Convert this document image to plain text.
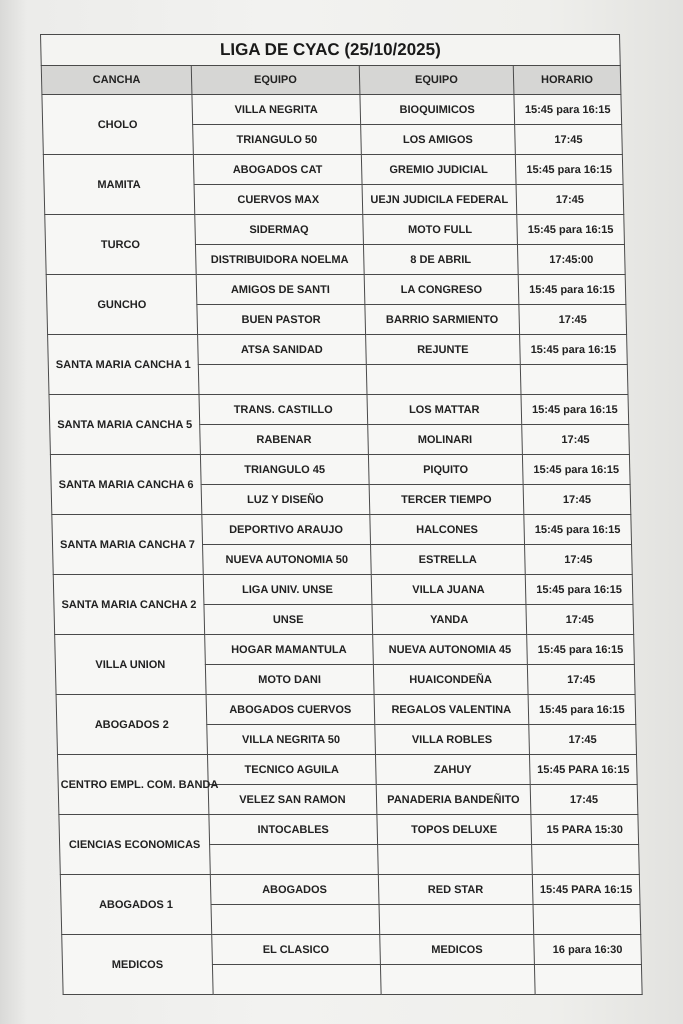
LIGA DE CYAC (25/10/2025)			
CANCHA	EQUIPO	EQUIPO	HORARIO
CHOLO	VILLA NEGRITA	BIOQUIMICOS	15:45 para 16:15
	TRIANGULO 50	LOS AMIGOS	17:45
MAMITA	ABOGADOS CAT	GREMIO JUDICIAL	15:45 para 16:15
	CUERVOS MAX	UEJN JUDICILA FEDERAL	17:45
TURCO	SIDERMAQ	MOTO FULL	15:45 para 16:15
	DISTRIBUIDORA NOELMA	8 DE ABRIL	17:45:00
GUNCHO	AMIGOS DE SANTI	LA CONGRESO	15:45 para 16:15
	BUEN PASTOR	BARRIO SARMIENTO	17:45
SANTA MARIA CANCHA 1	ATSA SANIDAD	REJUNTE	15:45 para 16:15

SANTA MARIA CANCHA 5	TRANS. CASTILLO	LOS MATTAR	15:45 para 16:15
	RABENAR	MOLINARI	17:45
SANTA MARIA CANCHA 6	TRIANGULO 45	PIQUITO	15:45 para 16:15
	LUZ Y DISEÑO	TERCER TIEMPO	17:45
SANTA MARIA CANCHA 7	DEPORTIVO ARAUJO	HALCONES	15:45 para 16:15
	NUEVA AUTONOMIA 50	ESTRELLA	17:45
SANTA MARIA CANCHA 2	LIGA UNIV. UNSE	VILLA JUANA	15:45 para 16:15
	UNSE	YANDA	17:45
VILLA UNION	HOGAR MAMANTULA	NUEVA AUTONOMIA 45	15:45 para 16:15
	MOTO DANI	HUAICONDEÑA	17:45
ABOGADOS 2	ABOGADOS CUERVOS	REGALOS VALENTINA	15:45 para 16:15
	VILLA NEGRITA 50	VILLA ROBLES	17:45
CENTRO EMPL. COM. BANDA	TECNICO AGUILA	ZAHUY	15:45 PARA 16:15
	VELEZ SAN RAMON	PANADERIA BANDEÑITO	17:45
CIENCIAS ECONOMICAS	INTOCABLES	TOPOS DELUXE	15 PARA 15:30

ABOGADOS 1	ABOGADOS	RED STAR	15:45 PARA 16:15

MEDICOS	EL CLASICO	MEDICOS	16 para 16:30
